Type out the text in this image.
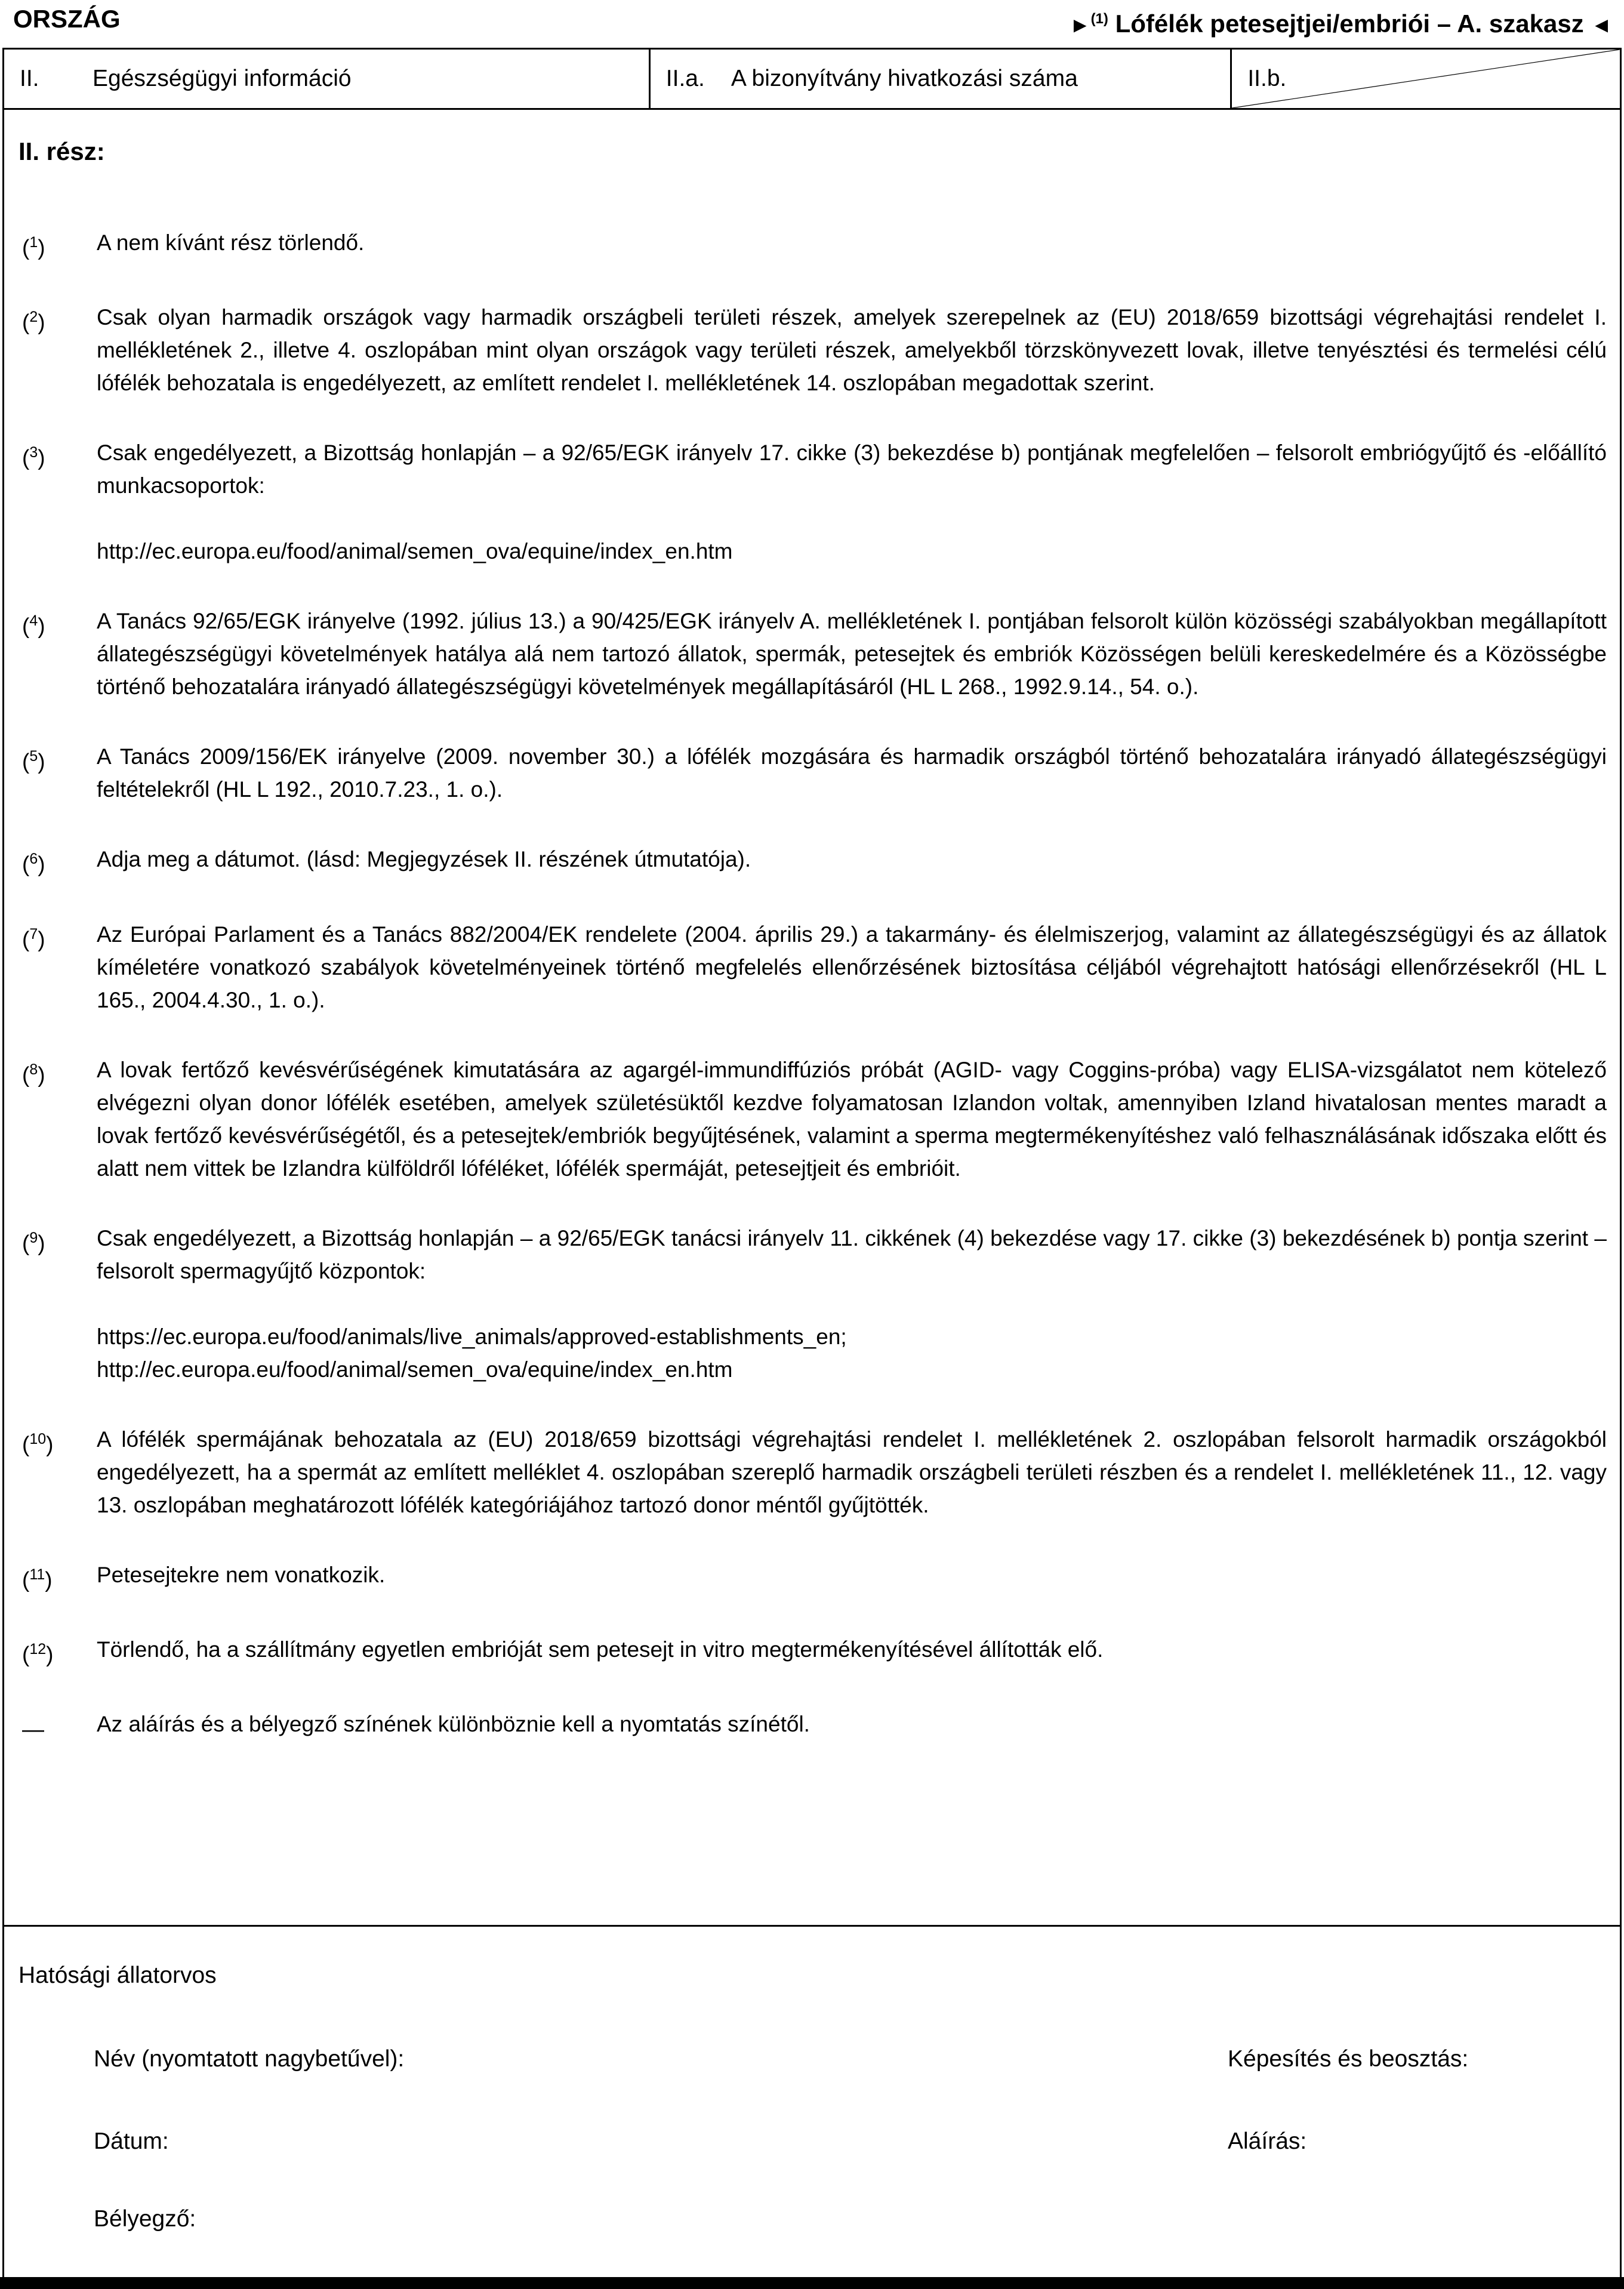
ORSZÁG	►$^{(1)}$ Lófélék petesejtjei/embriói – A. szakasz ◄
II.	Egészségügyi információ	II.a. A bizonyítvány hivatkozási száma	II.b.
II. rész:
($^1$)	A nem kívánt rész törlendő.
($^2$)	Csak olyan harmadik országok vagy harmadik országbeli területi részek, amelyek szerepelnek az (EU) 2018/659 bizottsági végrehajtási rendelet I. mellékletének 2., illetve 4. oszlopában mint olyan országok vagy területi részek, amelyekből törzskönyvezett lovak, illetve tenyésztési és termelési célú lófélék behozatala is engedélyezett, az említett rendelet I. mellékletének 14. oszlopában megadottak szerint.
($^3$)	Csak engedélyezett, a Bizottság honlapján – a 92/65/EGK irányelv 17. cikke (3) bekezdése b) pontjának megfelelően – felsorolt embriógyűjtő és -előállító munkacsoportok:
http://ec.europa.eu/food/animal/semen_ova/equine/index_en.htm
($^4$)	A Tanács 92/65/EGK irányelve (1992. július 13.) a 90/425/EGK irányelv A. mellékletének I. pontjában felsorolt külön közösségi szabályokban megállapított állategészségügyi követelmények hatálya alá nem tartozó állatok, spermák, petesejtek és embriók Közösségen belüli kereskedelmére és a Közösségbe történő behozatalára irányadó állategészségügyi követelmények megállapításáról (HL L 268., 1992.9.14., 54. o.).
($^5$)	A Tanács 2009/156/EK irányelve (2009. november 30.) a lófélék mozgására és harmadik országból történő behozatalára irányadó állategészségügyi feltételekről (HL L 192., 2010.7.23., 1. o.).
($^6$)	Adja meg a dátumot. (lásd: Megjegyzések II. részének útmutatója).
($^7$)	Az Európai Parlament és a Tanács 882/2004/EK rendelete (2004. április 29.) a takarmány- és élelmiszerjog, valamint az állategészségügyi és az állatok kíméletére vonatkozó szabályok követelményeinek történő megfelelés ellenőrzésének biztosítása céljából végrehajtott hatósági ellenőrzésekről (HL L 165., 2004.4.30., 1. o.).
($^8$)	A lovak fertőző kevésvérűségének kimutatására az agargél-immundiffúziós próbát (AGID- vagy Coggins-próba) vagy ELISA-vizsgálatot nem kötelező elvégezni olyan donor lófélék esetében, amelyek születésüktől kezdve folyamatosan Izlandon voltak, amennyiben Izland hivatalosan mentes maradt a lovak fertőző kevésvérűségétől, és a petesejtek/embriók begyűjtésének, valamint a sperma megtermékenyítéshez való felhasználásának időszaka előtt és alatt nem vittek be Izlandra külföldről lóféléket, lófélék spermáját, petesejtjeit és embrióit.
($^9$)	Csak engedélyezett, a Bizottság honlapján – a 92/65/EGK tanácsi irányelv 11. cikkének (4) bekezdése vagy 17. cikke (3) bekezdésének b) pontja szerint – felsorolt spermagyűjtő központok:
https://ec.europa.eu/food/animals/live_animals/approved-establishments_en;
http://ec.europa.eu/food/animal/semen_ova/equine/index_en.htm
($^{10}$)	A lófélék spermájának behozatala az (EU) 2018/659 bizottsági végrehajtási rendelet I. mellékletének 2. oszlopában felsorolt harmadik országokból engedélyezett, ha a spermát az említett melléklet 4. oszlopában szereplő harmadik országbeli területi részben és a rendelet I. mellékletének 11., 12. vagy 13. oszlopában meghatározott lófélék kategóriájához tartozó donor méntől gyűjtötték.
($^{11}$)	Petesejtekre nem vonatkozik.
($^{12}$)	Törlendő, ha a szállítmány egyetlen embrióját sem petesejt in vitro megtermékenyítésével állították elő.
—	Az aláírás és a bélyegző színének különböznie kell a nyomtatás színétől.
Hatósági állatorvos
Név (nyomtatott nagybetűvel):	Képesítés és beosztás:
Dátum:	Aláírás:
Bélyegző:
